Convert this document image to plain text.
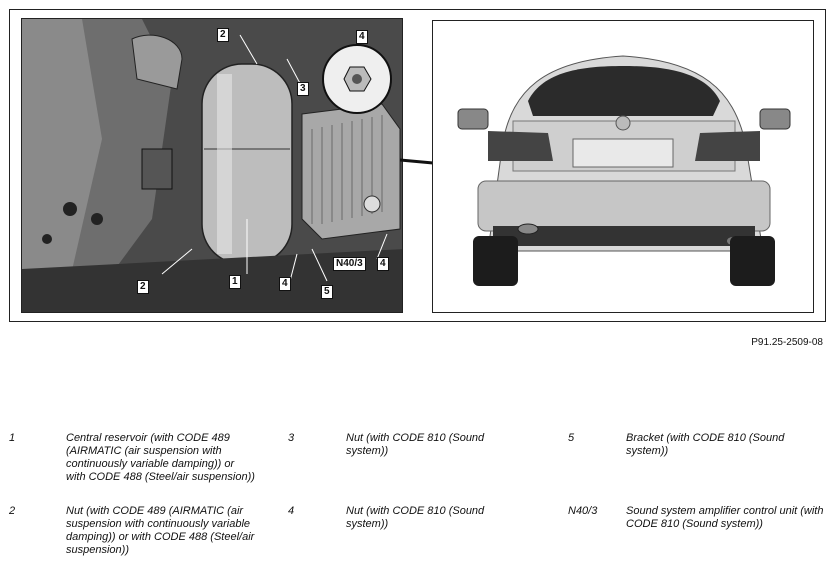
2
3
4
1
2	4
5
N40/3	4
P91.25-2509-08
1	Central reservoir (with CODE 489 (AIRMATIC (air suspension with continuously variable damping)) or with CODE 488 (Steel/air suspension))
3	Nut (with CODE 810 (Sound system))
5	Bracket (with CODE 810 (Sound system))
2	Nut (with CODE 489 (AIRMATIC (air suspension with continuously variable damping)) or with CODE 488 (Steel/air suspension))
4	Nut (with CODE 810 (Sound system))
N40/3	Sound system amplifier control unit (with CODE 810 (Sound system))
